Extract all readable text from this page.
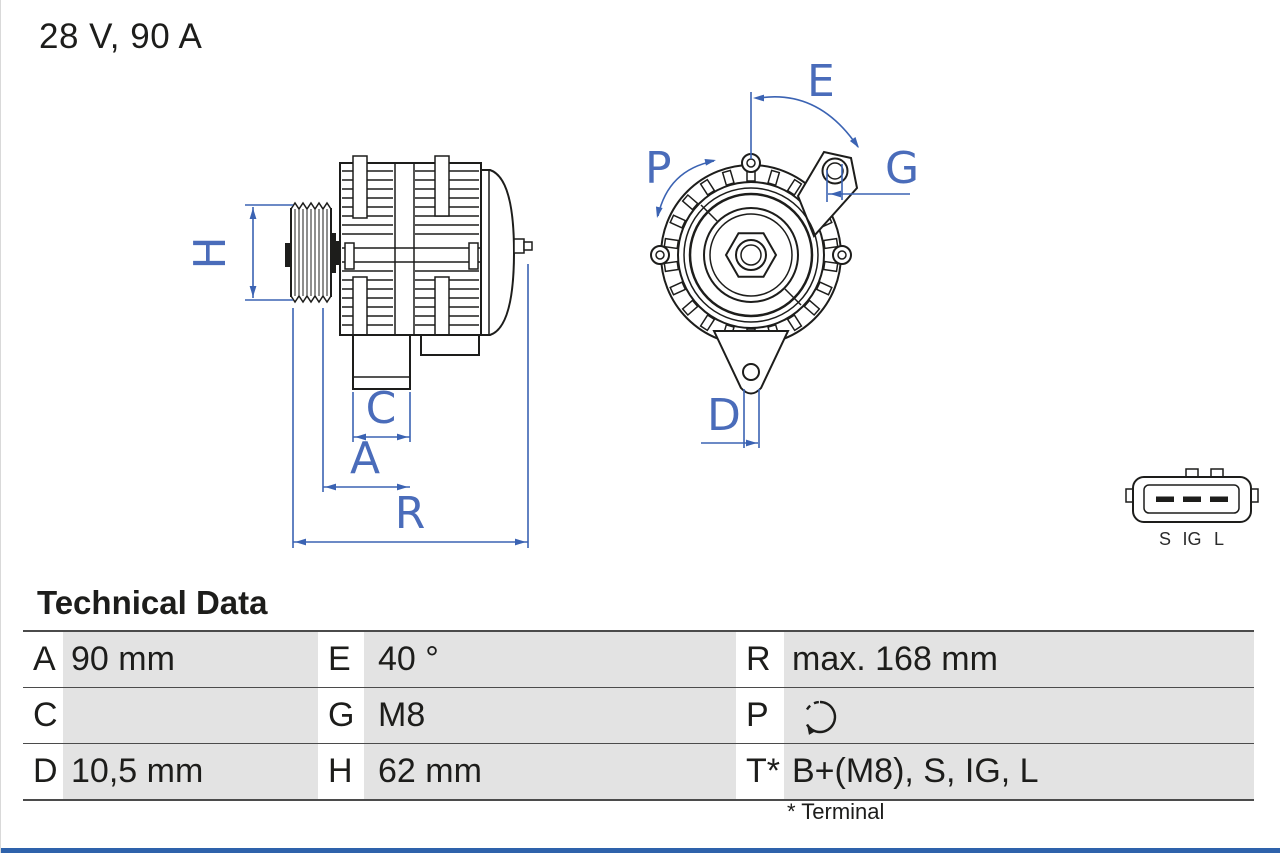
28 V, 90 A
H
C
A
R
E
P	G
D
S IG L
Technical Data
A 90 mm	E 40 °	R max. 168 mm
C	G M8	P
D 10,5 mm	H 62 mm	T* B+(M8), S, IG, L
* Terminal
